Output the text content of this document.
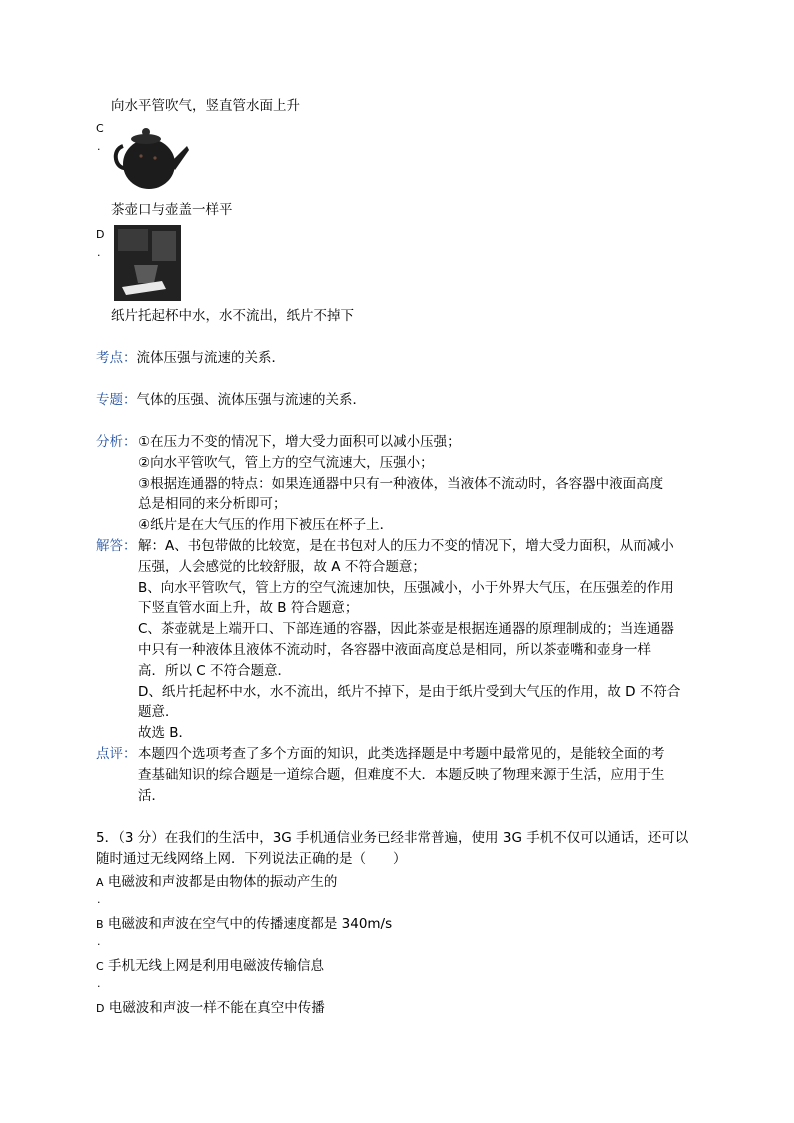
向水平管吹气，竖直管水面上升
C
.
茶壶口与壶盖一样平
D
.
纸片托起杯中水，水不流出，纸片不掉下
考点：流体压强与流速的关系．
专题：气体的压强、流体压强与流速的关系．
分析： ①在压力不变的情况下，增大受力面积可以减小压强；
②向水平管吹气，管上方的空气流速大，压强小；
③根据连通器的特点：如果连通器中只有一种液体，当液体不流动时，各容器中液面高度
总是相同的来分析即可；
④纸片是在大气压的作用下被压在杯子上．
解答： 解：A、书包带做的比较宽，是在书包对人的压力不变的情况下，增大受力面积，从而减小
压强，人会感觉的比较舒服，故 A 不符合题意；
B、向水平管吹气，管上方的空气流速加快，压强减小，小于外界大气压，在压强差的作用
下竖直管水面上升，故 B 符合题意；
C、茶壶就是上端开口、下部连通的容器，因此茶壶是根据连通器的原理制成的；当连通器
中只有一种液体且液体不流动时，各容器中液面高度总是相同，所以茶壶嘴和壶身一样
高．所以 C 不符合题意．
D、纸片托起杯中水，水不流出，纸片不掉下，是由于纸片受到大气压的作用，故 D 不符合
题意．
故选 B．
点评： 本题四个选项考查了多个方面的知识，此类选择题是中考题中最常见的，是能较全面的考
查基础知识的综合题是一道综合题，但难度不大．本题反映了物理来源于生活，应用于生
活．
5．（3 分）在我们的生活中，3G 手机通信业务已经非常普遍，使用 3G 手机不仅可以通话，还可以
随时通过无线网络上网．下列说法正确的是（　　）
A 电磁波和声波都是由物体的振动产生的
.
B 电磁波和声波在空气中的传播速度都是 340m/s
.
C 手机无线上网是利用电磁波传输信息
.
D 电磁波和声波一样不能在真空中传播
